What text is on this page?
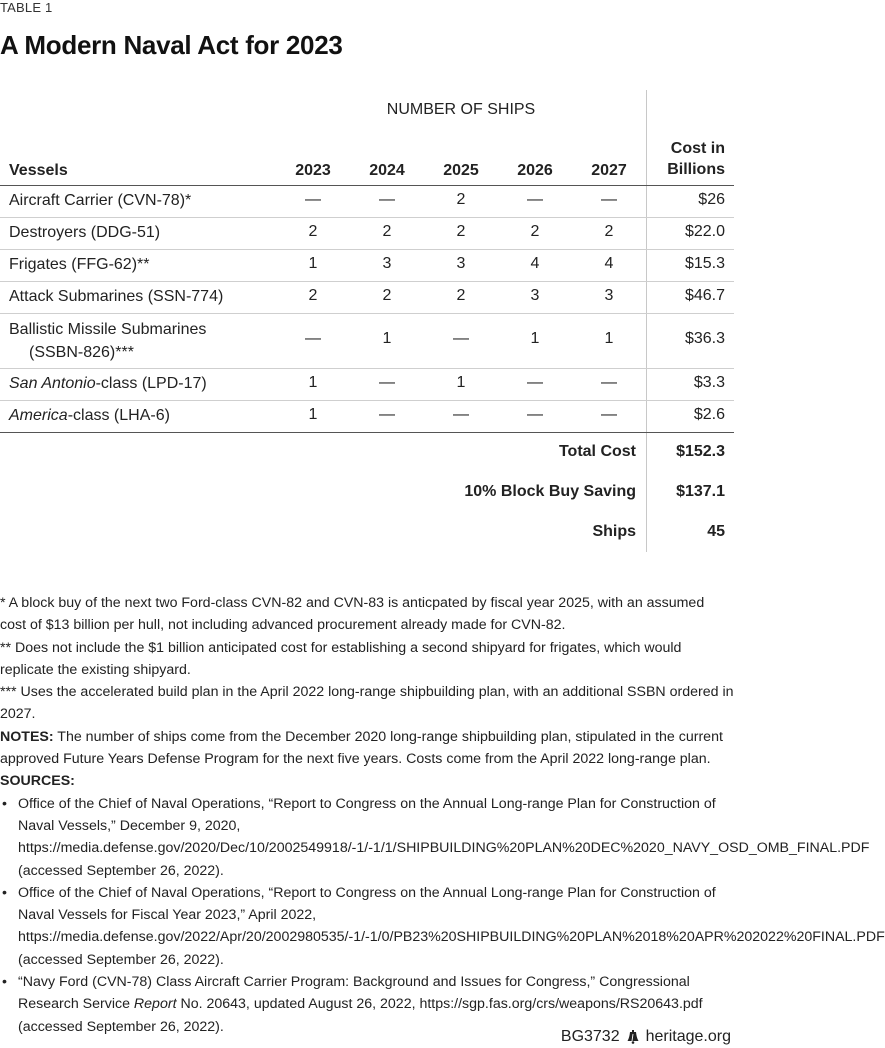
TABLE 1
A Modern Naval Act for 2023
NUMBER OF SHIPS
Vessels	2023	2024	2025	2026	2027
Cost in
Billions
Aircraft Carrier (CVN-78)*	—	—	2	—	—	$26
Destroyers (DDG-51)	2	2	2	2	2	$22.0
Frigates (FFG-62)**	1	3	3	4	4	$15.3
Attack Submarines (SSN-774)	2	2	2	3	3	$46.7
Ballistic Missile Submarines
(SSBN-826)***
—	1	—	1	1	$36.3
San Antonio-class (LPD-17)	1	—	1	—	—	$3.3
America-class (LHA-6)	1	—	—	—	—	$2.6
Total Cost	$152.3
10% Block Buy Saving	$137.1
Ships	45

* A block buy of the next two Ford-class CVN-82 and CVN-83 is anticpated by fiscal year 2025, with an assumed cost of $13 billion per hull, not including advanced procurement already made for CVN-82.

** Does not include the $1 billion anticipated cost for establishing a second shipyard for frigates, which would replicate the existing shipyard.

*** Uses the accelerated build plan in the April 2022 long-range shipbuilding plan, with an additional SSBN ordered in 2027.

NOTES: The number of ships come from the December 2020 long-range shipbuilding plan, stipulated in the current approved Future Years Defense Program for the next five years. Costs come from the April 2022 long-range plan.

SOURCES:

• Office of the Chief of Naval Operations, “Report to Congress on the Annual Long-range Plan for Construction of Naval Vessels,” December 9, 2020, https://media.defense.gov/2020/Dec/10/2002549918/-1/-1/1/SHIPBUILDING%20PLAN%20DEC%2020_NAVY_OSD_OMB_FINAL.PDF (accessed September 26, 2022).
• Office of the Chief of Naval Operations, “Report to Congress on the Annual Long-range Plan for Construction of Naval Vessels for Fiscal Year 2023,” April 2022, https://media.defense.gov/2022/Apr/20/2002980535/-1/-1/0/PB23%20SHIPBUILDING%20PLAN%2018%20APR%202022%20FINAL.PDF (accessed September 26, 2022).
• “Navy Ford (CVN-78) Class Aircraft Carrier Program: Background and Issues for Congress,” Congressional Research Service Report No. 20643, updated August 26, 2022, https://sgp.fas.org/crs/weapons/RS20643.pdf (accessed September 26, 2022).
BG3732 heritage.org
